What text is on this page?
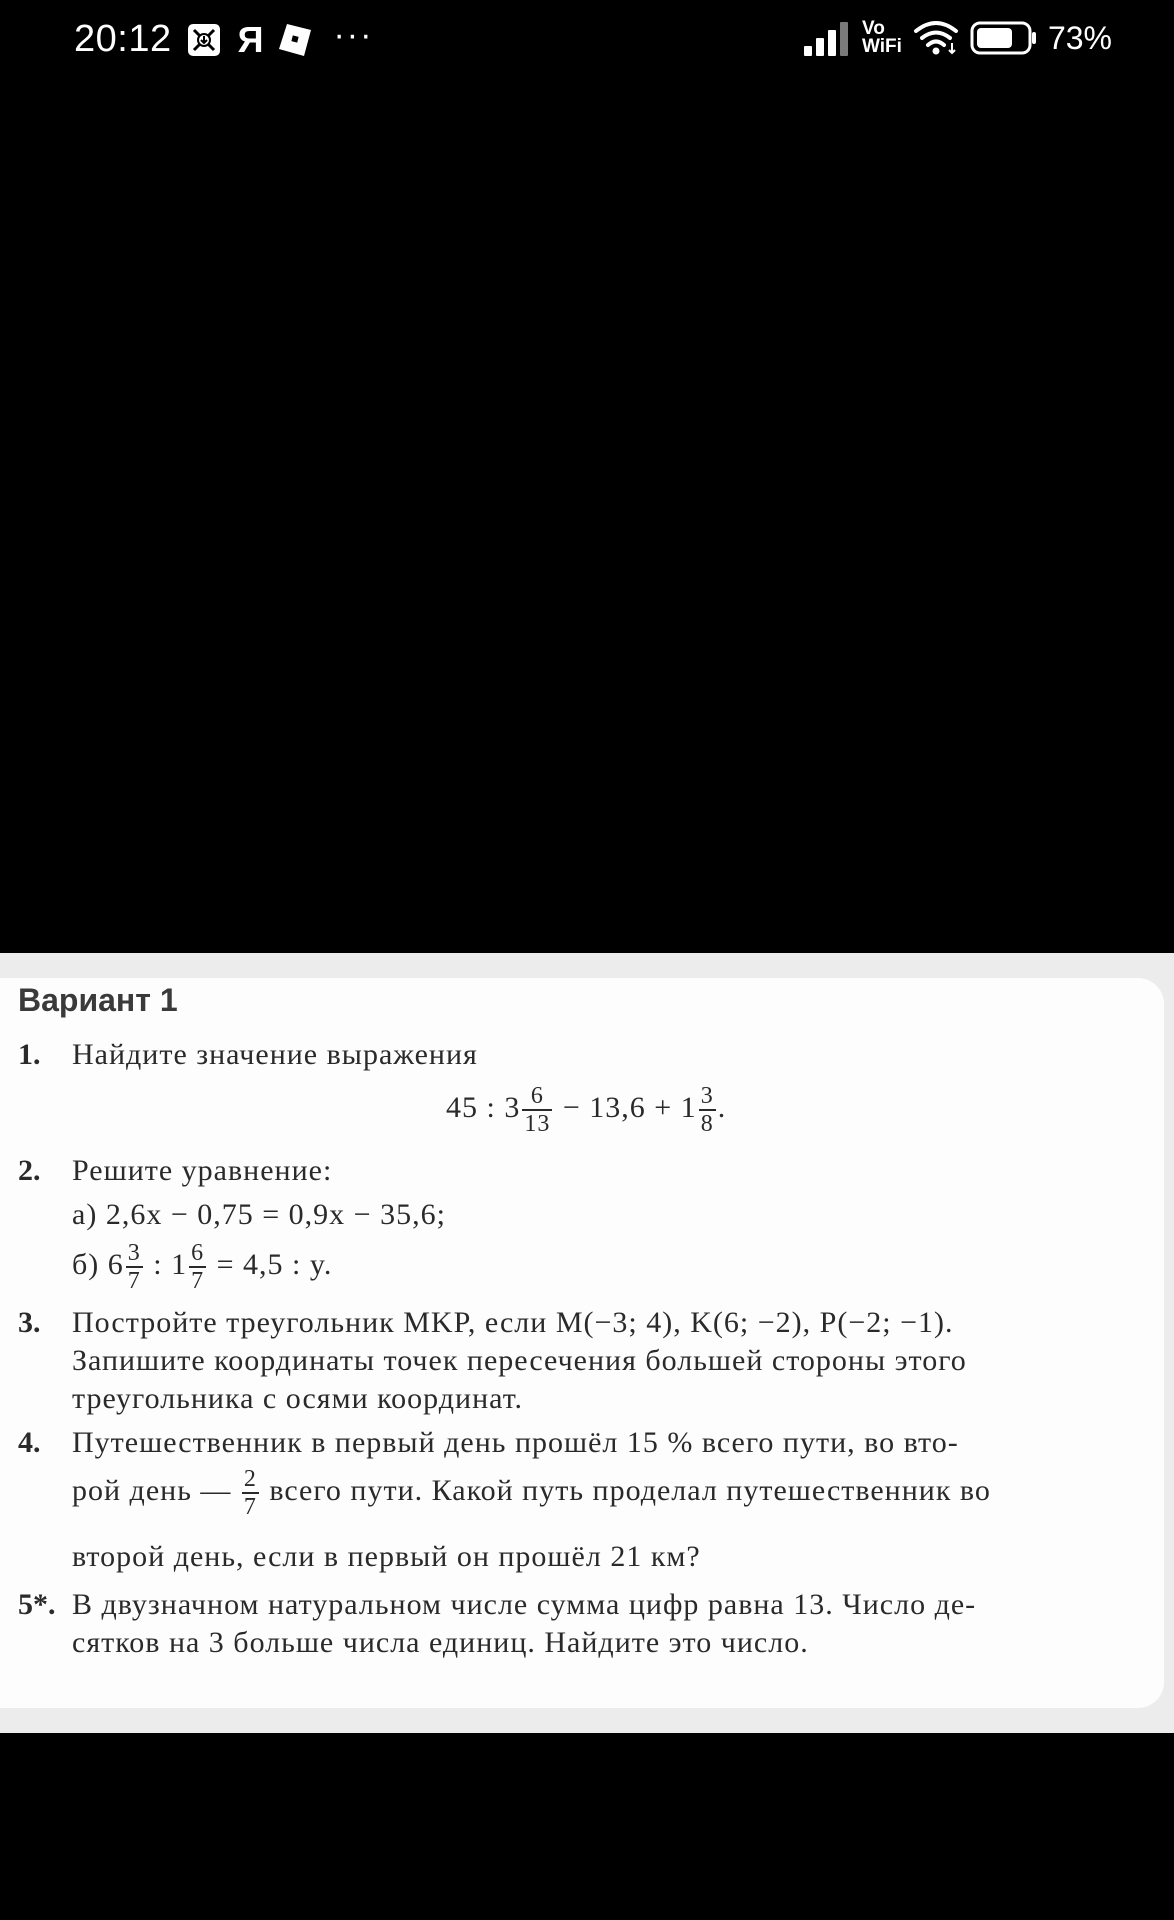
20:12 Я ···	Vo
WiFi	73%
Вариант 1
1. Найдите значение выражения
45 : $3 \frac{6}{13} - 13,6 + 1 \frac{3}{8}$ .
2. Решите уравнение:
а) 2,6x − 0,75 = 0,9x − 35,6;
б) $6 \frac{3}{7}$ : $1 \frac{6}{7} = 4,5$ : y.
3. Постройте треугольник MKP, если M(−3; 4), K(6; −2), P(−2; −1).
Запишите координаты точек пересечения большей стороны этого
треугольника с осями координат.
4. Путешественник в первый день прошёл 15 % всего пути, во вто-
рой день — $\frac{2}{7}$ всего пути. Какой путь проделал путешественник во
второй день, если в первый он прошёл 21 км?
5*. В двузначном натуральном числе сумма цифр равна 13. Число де-
сятков на 3 больше числа единиц. Найдите это число.
